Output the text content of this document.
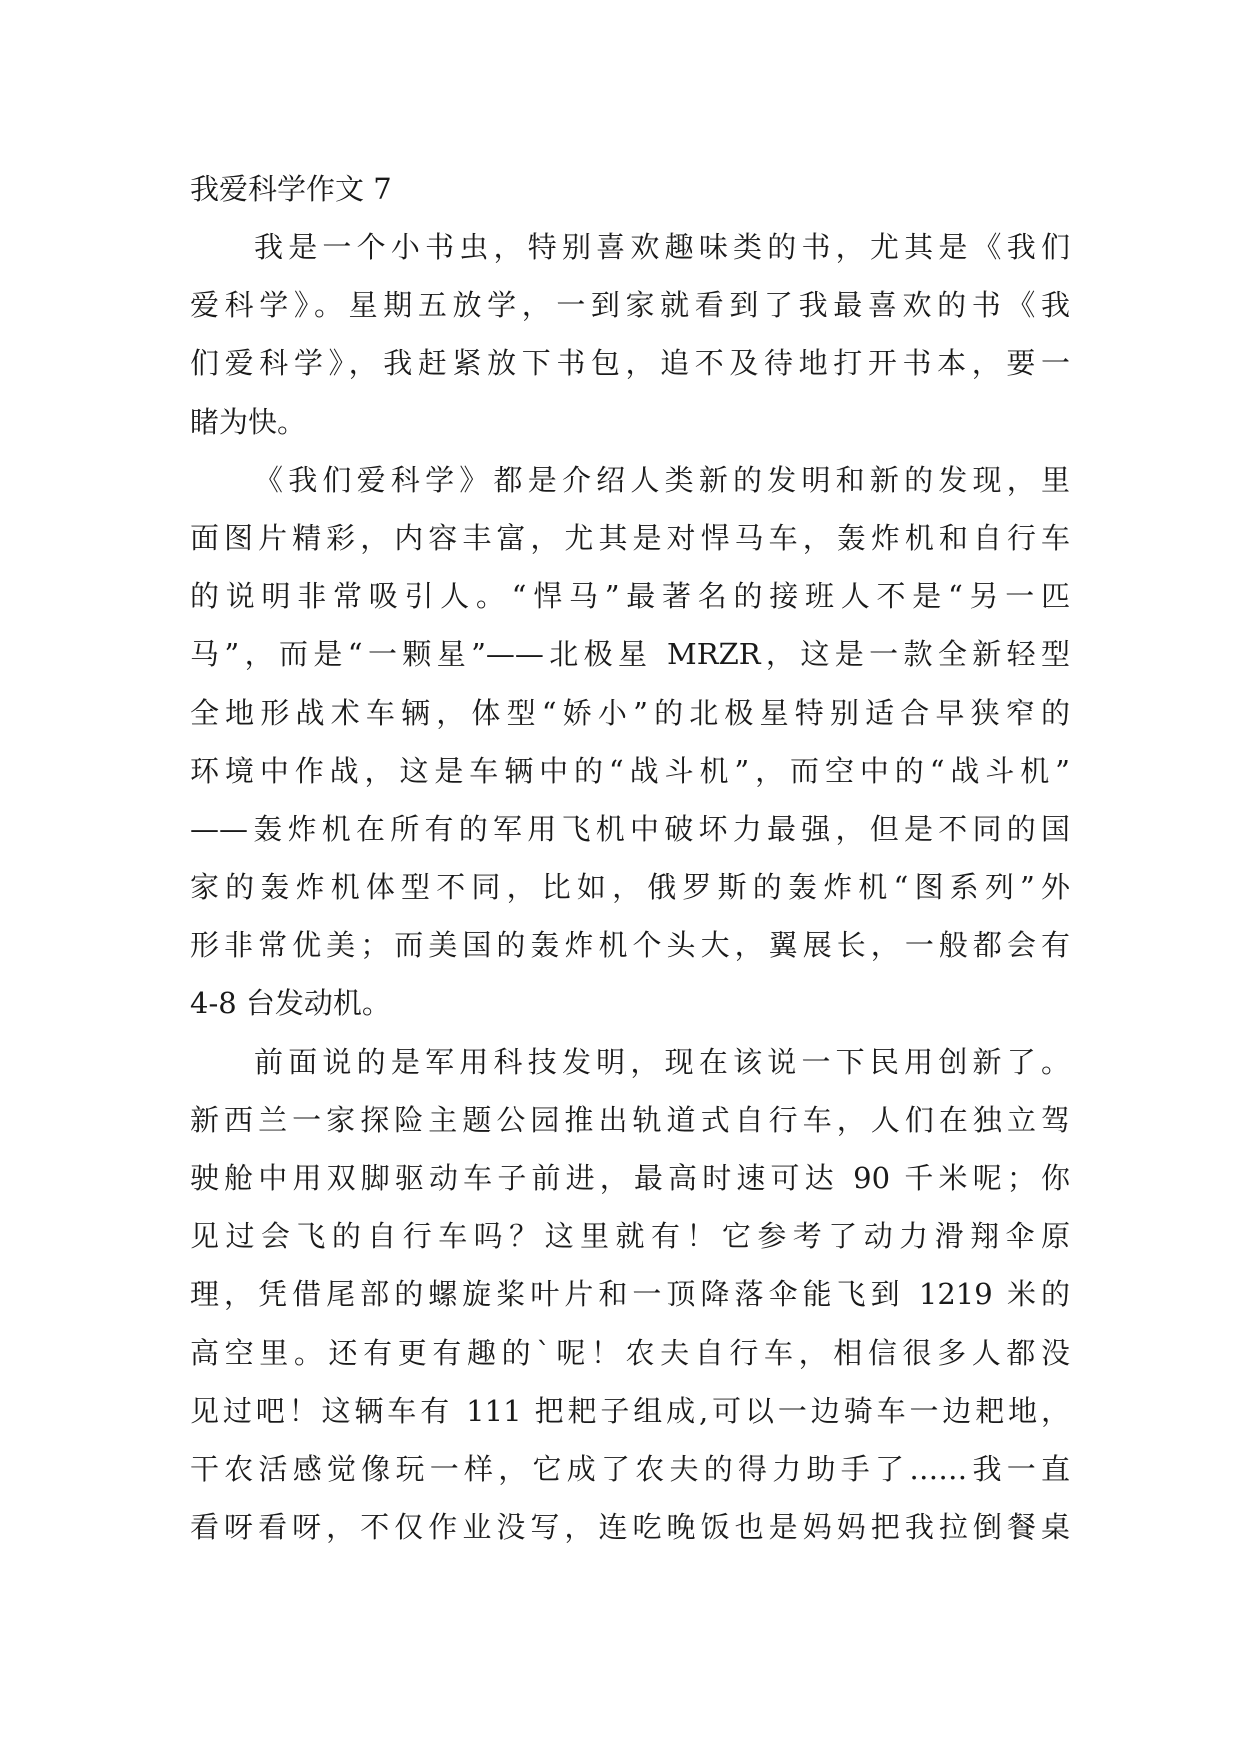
我爱科学作文 7
我是一个小书虫，特别喜欢趣味类的书，尤其是《我们
爱科学》。星期五放学，一到家就看到了我最喜欢的书《我
们爱科学》，我赶紧放下书包，追不及待地打开书本，要一
睹为快。
《我们爱科学》都是介绍人类新的发明和新的发现，里
面图片精彩，内容丰富，尤其是对悍马车，轰炸机和自行车
的说明非常吸引人。“悍马”最著名的接班人不是“另一匹
马”，而是“一颗星”——北极星 MRZR，这是一款全新轻型
全地形战术车辆，体型“娇小”的北极星特别适合早狭窄的
环境中作战，这是车辆中的“战斗机”，而空中的“战斗机”
——轰炸机在所有的军用飞机中破坏力最强，但是不同的国
家的轰炸机体型不同，比如，俄罗斯的轰炸机“图系列”外
形非常优美；而美国的轰炸机个头大，翼展长，一般都会有
4-8 台发动机。
前面说的是军用科技发明，现在该说一下民用创新了。
新西兰一家探险主题公园推出轨道式自行车，人们在独立驾
驶舱中用双脚驱动车子前进，最高时速可达 90 千米呢；你
见过会飞的自行车吗？这里就有！它参考了动力滑翔伞原
理，凭借尾部的螺旋桨叶片和一顶降落伞能飞到 1219 米的
高空里。还有更有趣的`呢！农夫自行车，相信很多人都没
见过吧！这辆车有 111 把耙子组成,可以一边骑车一边耙地，
干农活感觉像玩一样，它成了农夫的得力助手了……我一直
看呀看呀，不仅作业没写，连吃晚饭也是妈妈把我拉倒餐桌
